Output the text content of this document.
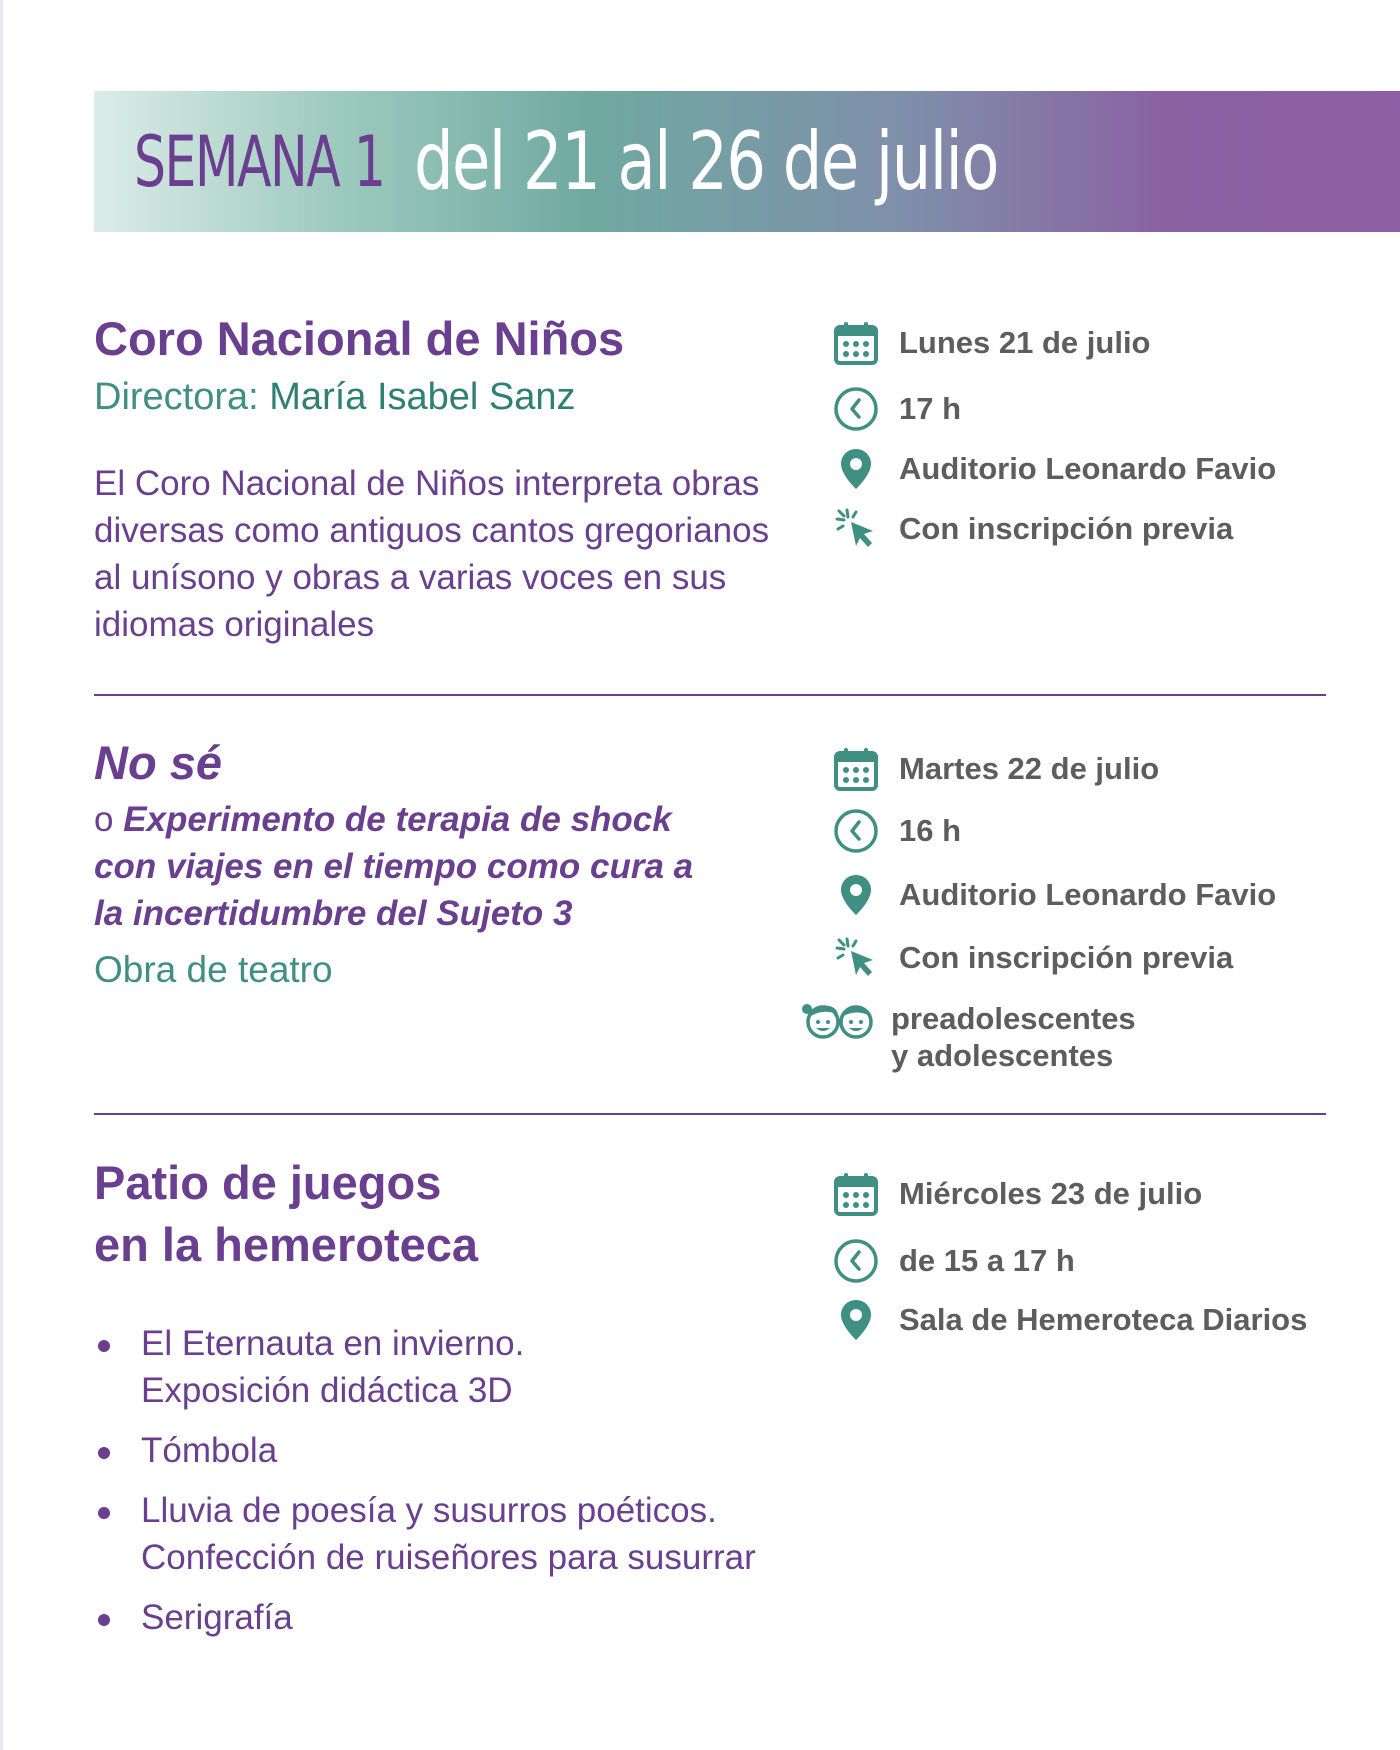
SEMANA 1 del 21 al 26 de julio
Coro Nacional de Niños

Directora: María Isabel Sanz

El Coro Nacional de Niños interpreta obras diversas como antiguos cantos gregorianos al unísono y obras a varias voces en sus idiomas originales

Lunes 21 de julio
17 h
Auditorio Leonardo Favio
Con inscripción previa
No sé

o Experimento de terapia de shock
con viajes en el tiempo como cura a
la incertidumbre del Sujeto 3

Obra de teatro

Martes 22 de julio
16 h
Auditorio Leonardo Favio
Con inscripción previa
preadolescentes
y adolescentes
Patio de juegos
en la hemeroteca
El Eternauta en invierno.
Exposición didáctica 3D
Tómbola
Lluvia de poesía y susurros poéticos.
Confección de ruiseñores para susurrar
Serigrafía
Miércoles 23 de julio
de 15 a 17 h
Sala de Hemeroteca Diarios
